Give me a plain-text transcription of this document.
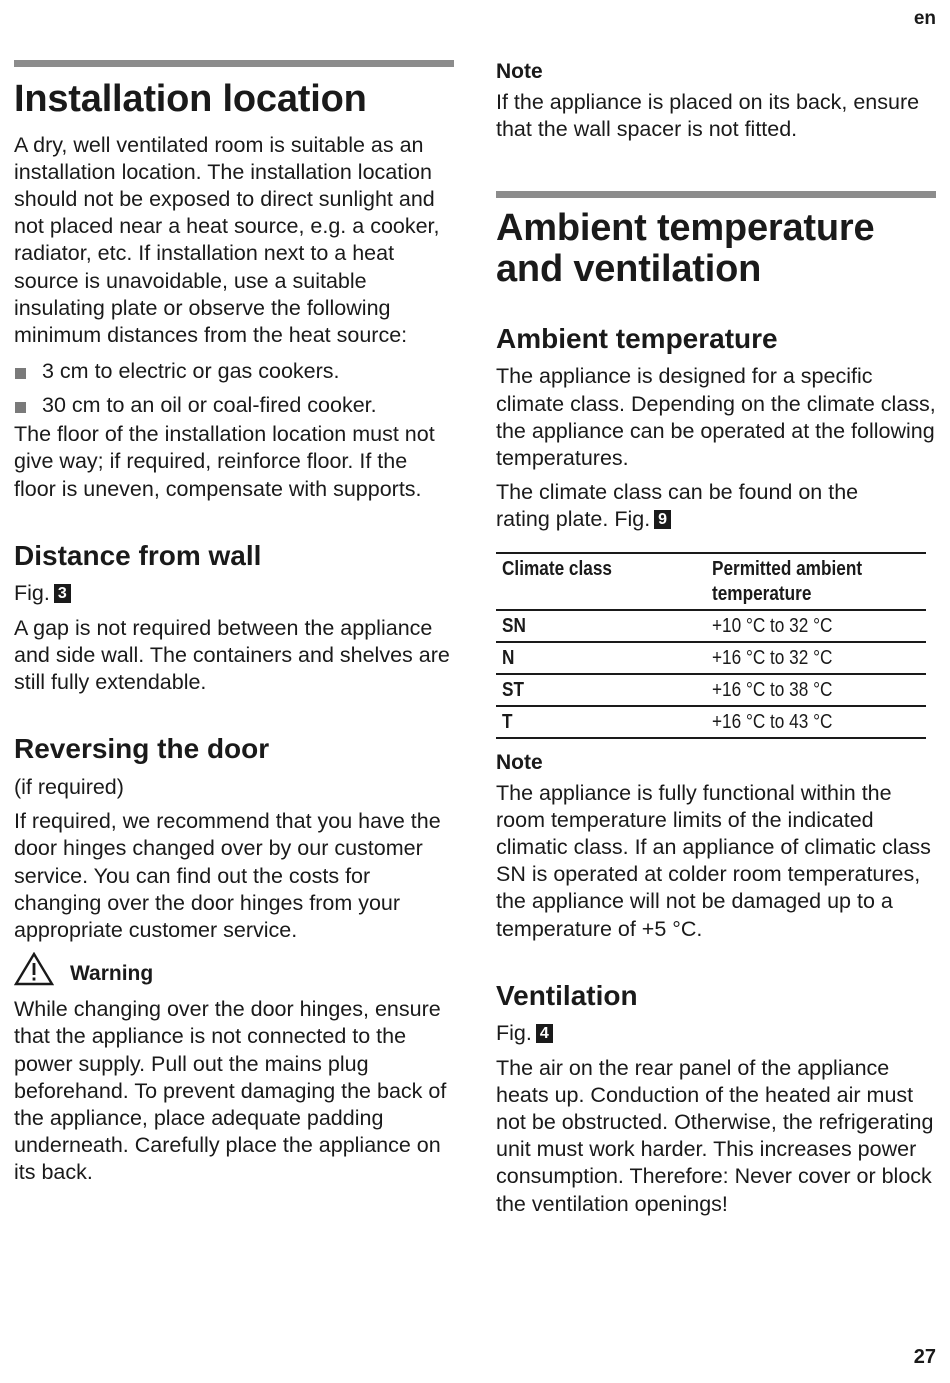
en
Installation location

A dry, well ventilated room is suitable as an installation location. The installation location should not be exposed to direct sunlight and not placed near a heat source, e.g. a cooker, radiator, etc. If installation next to a heat source is unavoidable, use a suitable insulating plate or observe the following minimum distances from the heat source:

3 cm to electric or gas cookers.
30 cm to an oil or coal-fired cooker.

The floor of the installation location must not give way; if required, reinforce floor. If the floor is uneven, compensate with supports.

Distance from wall

Fig. 3

A gap is not required between the appliance and side wall. The containers and shelves are still fully extendable.

Reversing the door

(if required)

If required, we recommend that you have the door hinges changed over by our customer service. You can find out the costs for changing over the door hinges from your appropriate customer service.

Warning

While changing over the door hinges, ensure that the appliance is not connected to the power supply. Pull out the mains plug beforehand. To prevent damaging the back of the appliance, place adequate padding underneath. Carefully place the appliance on its back.

Note

If the appliance is placed on its back, ensure that the wall spacer is not fitted.

Ambient temperature and ventilation
Ambient temperature

The appliance is designed for a specific climate class. Depending on the climate class, the appliance can be operated at the following temperatures.

The climate class can be found on the rating plate. Fig. 9

Climate class	Permitted ambient temperature
SN	+10 °C to 32 °C
N	+16 °C to 32 °C
ST	+16 °C to 38 °C
T	+16 °C to 43 °C
Note

The appliance is fully functional within the room temperature limits of the indicated climatic class. If an appliance of climatic class SN is operated at colder room temperatures, the appliance will not be damaged up to a temperature of +5 °C.

Ventilation

Fig. 4

The air on the rear panel of the appliance heats up. Conduction of the heated air must not be obstructed. Otherwise, the refrigerating unit must work harder. This increases power consumption. Therefore: Never cover or block the ventilation openings!

27
